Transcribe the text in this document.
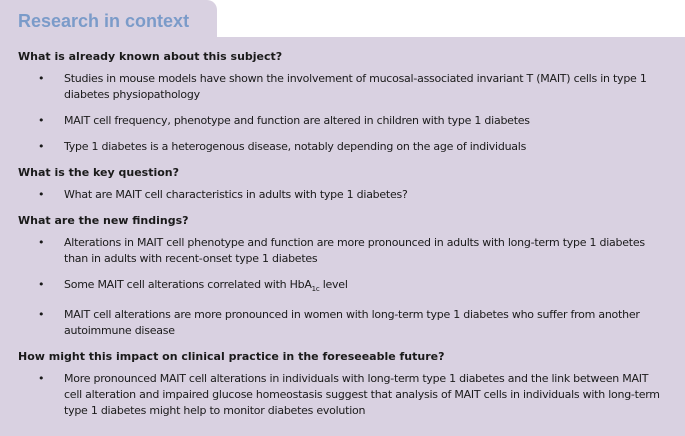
Research in context
What is already known about this subject?
• Studies in mouse models have shown the involvement of mucosal-associated invariant T (MAIT) cells in type 1 diabetes physiopathology
• MAIT cell frequency, phenotype and function are altered in children with type 1 diabetes
• Type 1 diabetes is a heterogenous disease, notably depending on the age of individuals
What is the key question?
• What are MAIT cell characteristics in adults with type 1 diabetes?
What are the new findings?
• Alterations in MAIT cell phenotype and function are more pronounced in adults with long-term type 1 diabetes than in adults with recent-onset type 1 diabetes
• Some MAIT cell alterations correlated with HbA$_{1c}$ level
• MAIT cell alterations are more pronounced in women with long-term type 1 diabetes who suffer from another autoimmune disease
How might this impact on clinical practice in the foreseeable future?
• More pronounced MAIT cell alterations in individuals with long-term type 1 diabetes and the link between MAIT cell alteration and impaired glucose homeostasis suggest that analysis of MAIT cells in individuals with long-term type 1 diabetes might help to monitor diabetes evolution
